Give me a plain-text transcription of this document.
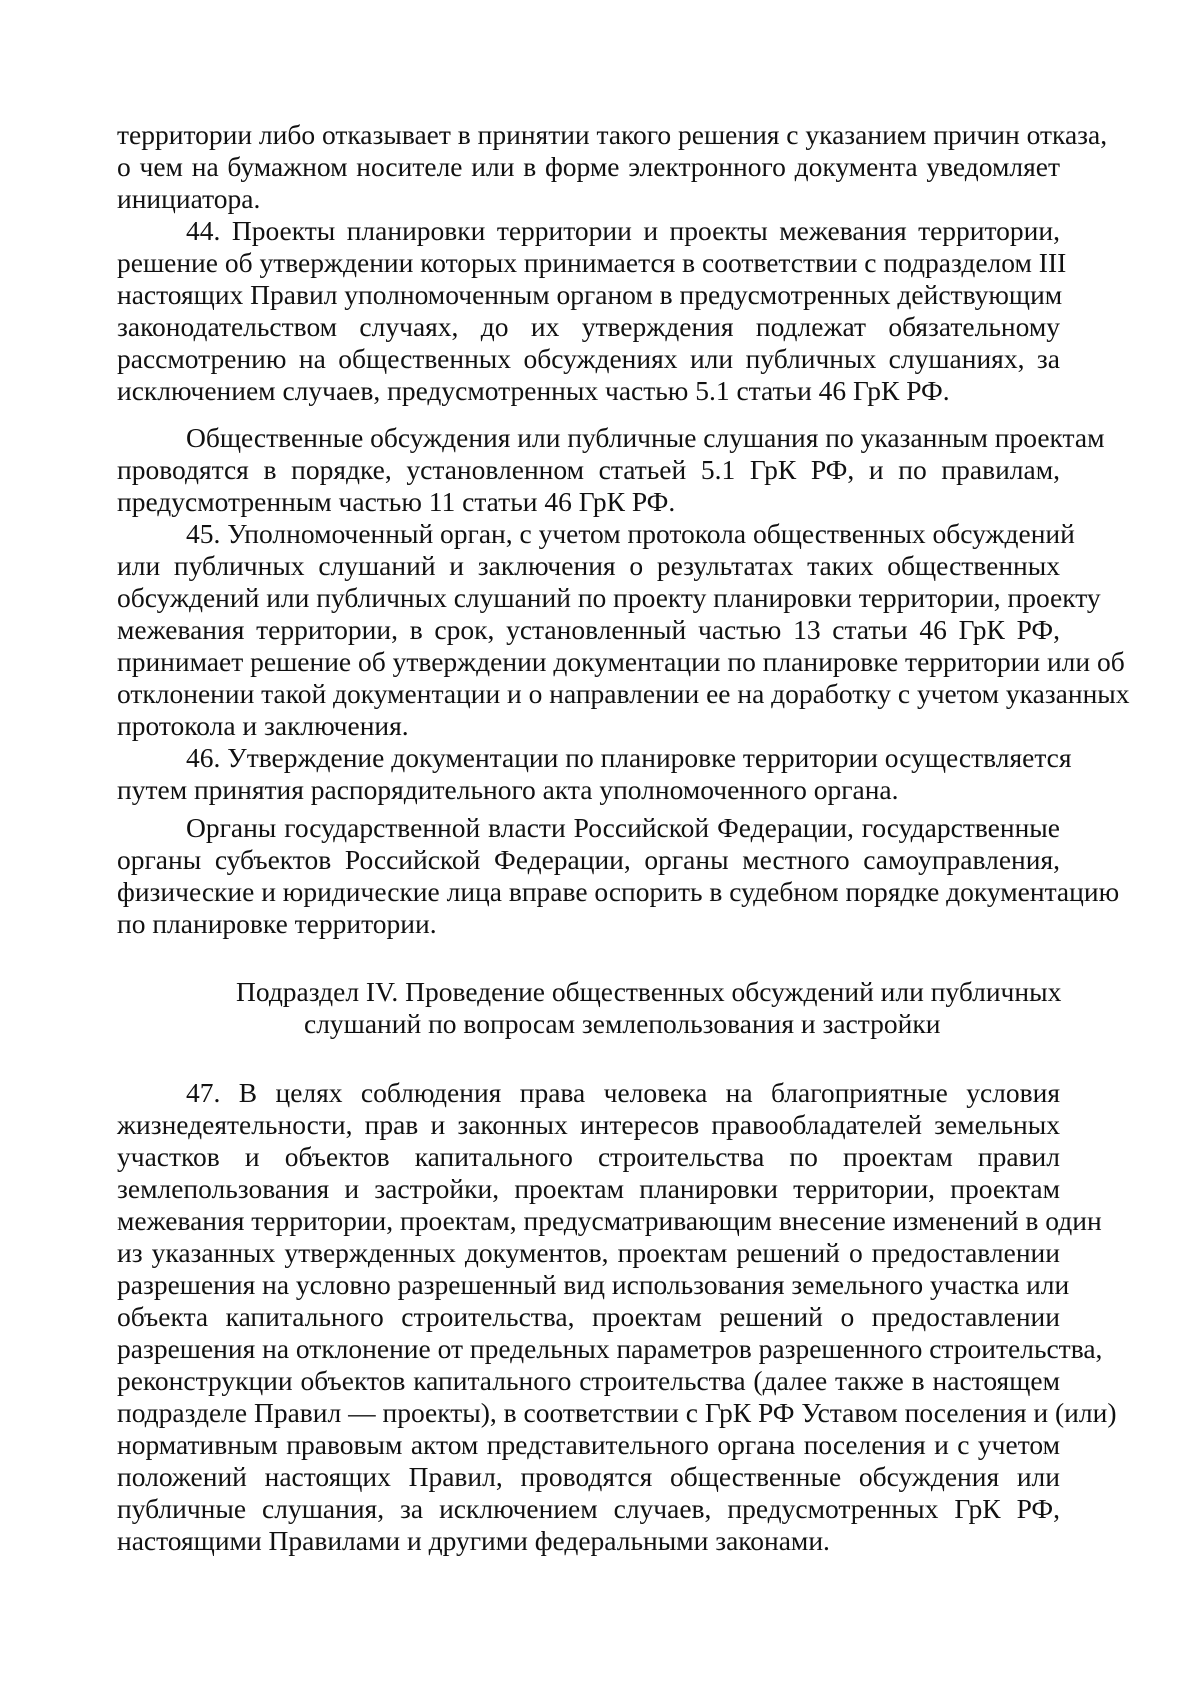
территории либо отказывает в принятии такого решения с указанием причин отказа,
о чем на бумажном носителе или в форме электронного документа уведомляет
инициатора.
44. Проекты планировки территории и проекты межевания территории,
решение об утверждении которых принимается в соответствии с подразделом III
настоящих Правил уполномоченным органом в предусмотренных действующим
законодательством случаях, до их утверждения подлежат обязательному
рассмотрению на общественных обсуждениях или публичных слушаниях, за
исключением случаев, предусмотренных частью 5.1 статьи 46 ГрК РФ.
Общественные обсуждения или публичные слушания по указанным проектам
проводятся в порядке, установленном статьей 5.1 ГрК РФ, и по правилам,
предусмотренным частью 11 статьи 46 ГрК РФ.
45. Уполномоченный орган, с учетом протокола общественных обсуждений
или публичных слушаний и заключения о результатах таких общественных
обсуждений или публичных слушаний по проекту планировки территории, проекту
межевания территории, в срок, установленный частью 13 статьи 46 ГрК РФ,
принимает решение об утверждении документации по планировке территории или об
отклонении такой документации и о направлении ее на доработку с учетом указанных
протокола и заключения.
46. Утверждение документации по планировке территории осуществляется
путем принятия распорядительного акта уполномоченного органа.
Органы государственной власти Российской Федерации, государственные
органы субъектов Российской Федерации, органы местного самоуправления,
физические и юридические лица вправе оспорить в судебном порядке документацию
по планировке территории.
Подраздел IV. Проведение общественных обсуждений или публичных
слушаний по вопросам землепользования и застройки
47. В целях соблюдения права человека на благоприятные условия
жизнедеятельности, прав и законных интересов правообладателей земельных
участков и объектов капитального строительства по проектам правил
землепользования и застройки, проектам планировки территории, проектам
межевания территории, проектам, предусматривающим внесение изменений в один
из указанных утвержденных документов, проектам решений о предоставлении
разрешения на условно разрешенный вид использования земельного участка или
объекта капитального строительства, проектам решений о предоставлении
разрешения на отклонение от предельных параметров разрешенного строительства,
реконструкции объектов капитального строительства (далее также в настоящем
подразделе Правил — проекты), в соответствии с ГрК РФ Уставом поселения и (или)
нормативным правовым актом представительного органа поселения и с учетом
положений настоящих Правил, проводятся общественные обсуждения или
публичные слушания, за исключением случаев, предусмотренных ГрК РФ,
настоящими Правилами и другими федеральными законами.
